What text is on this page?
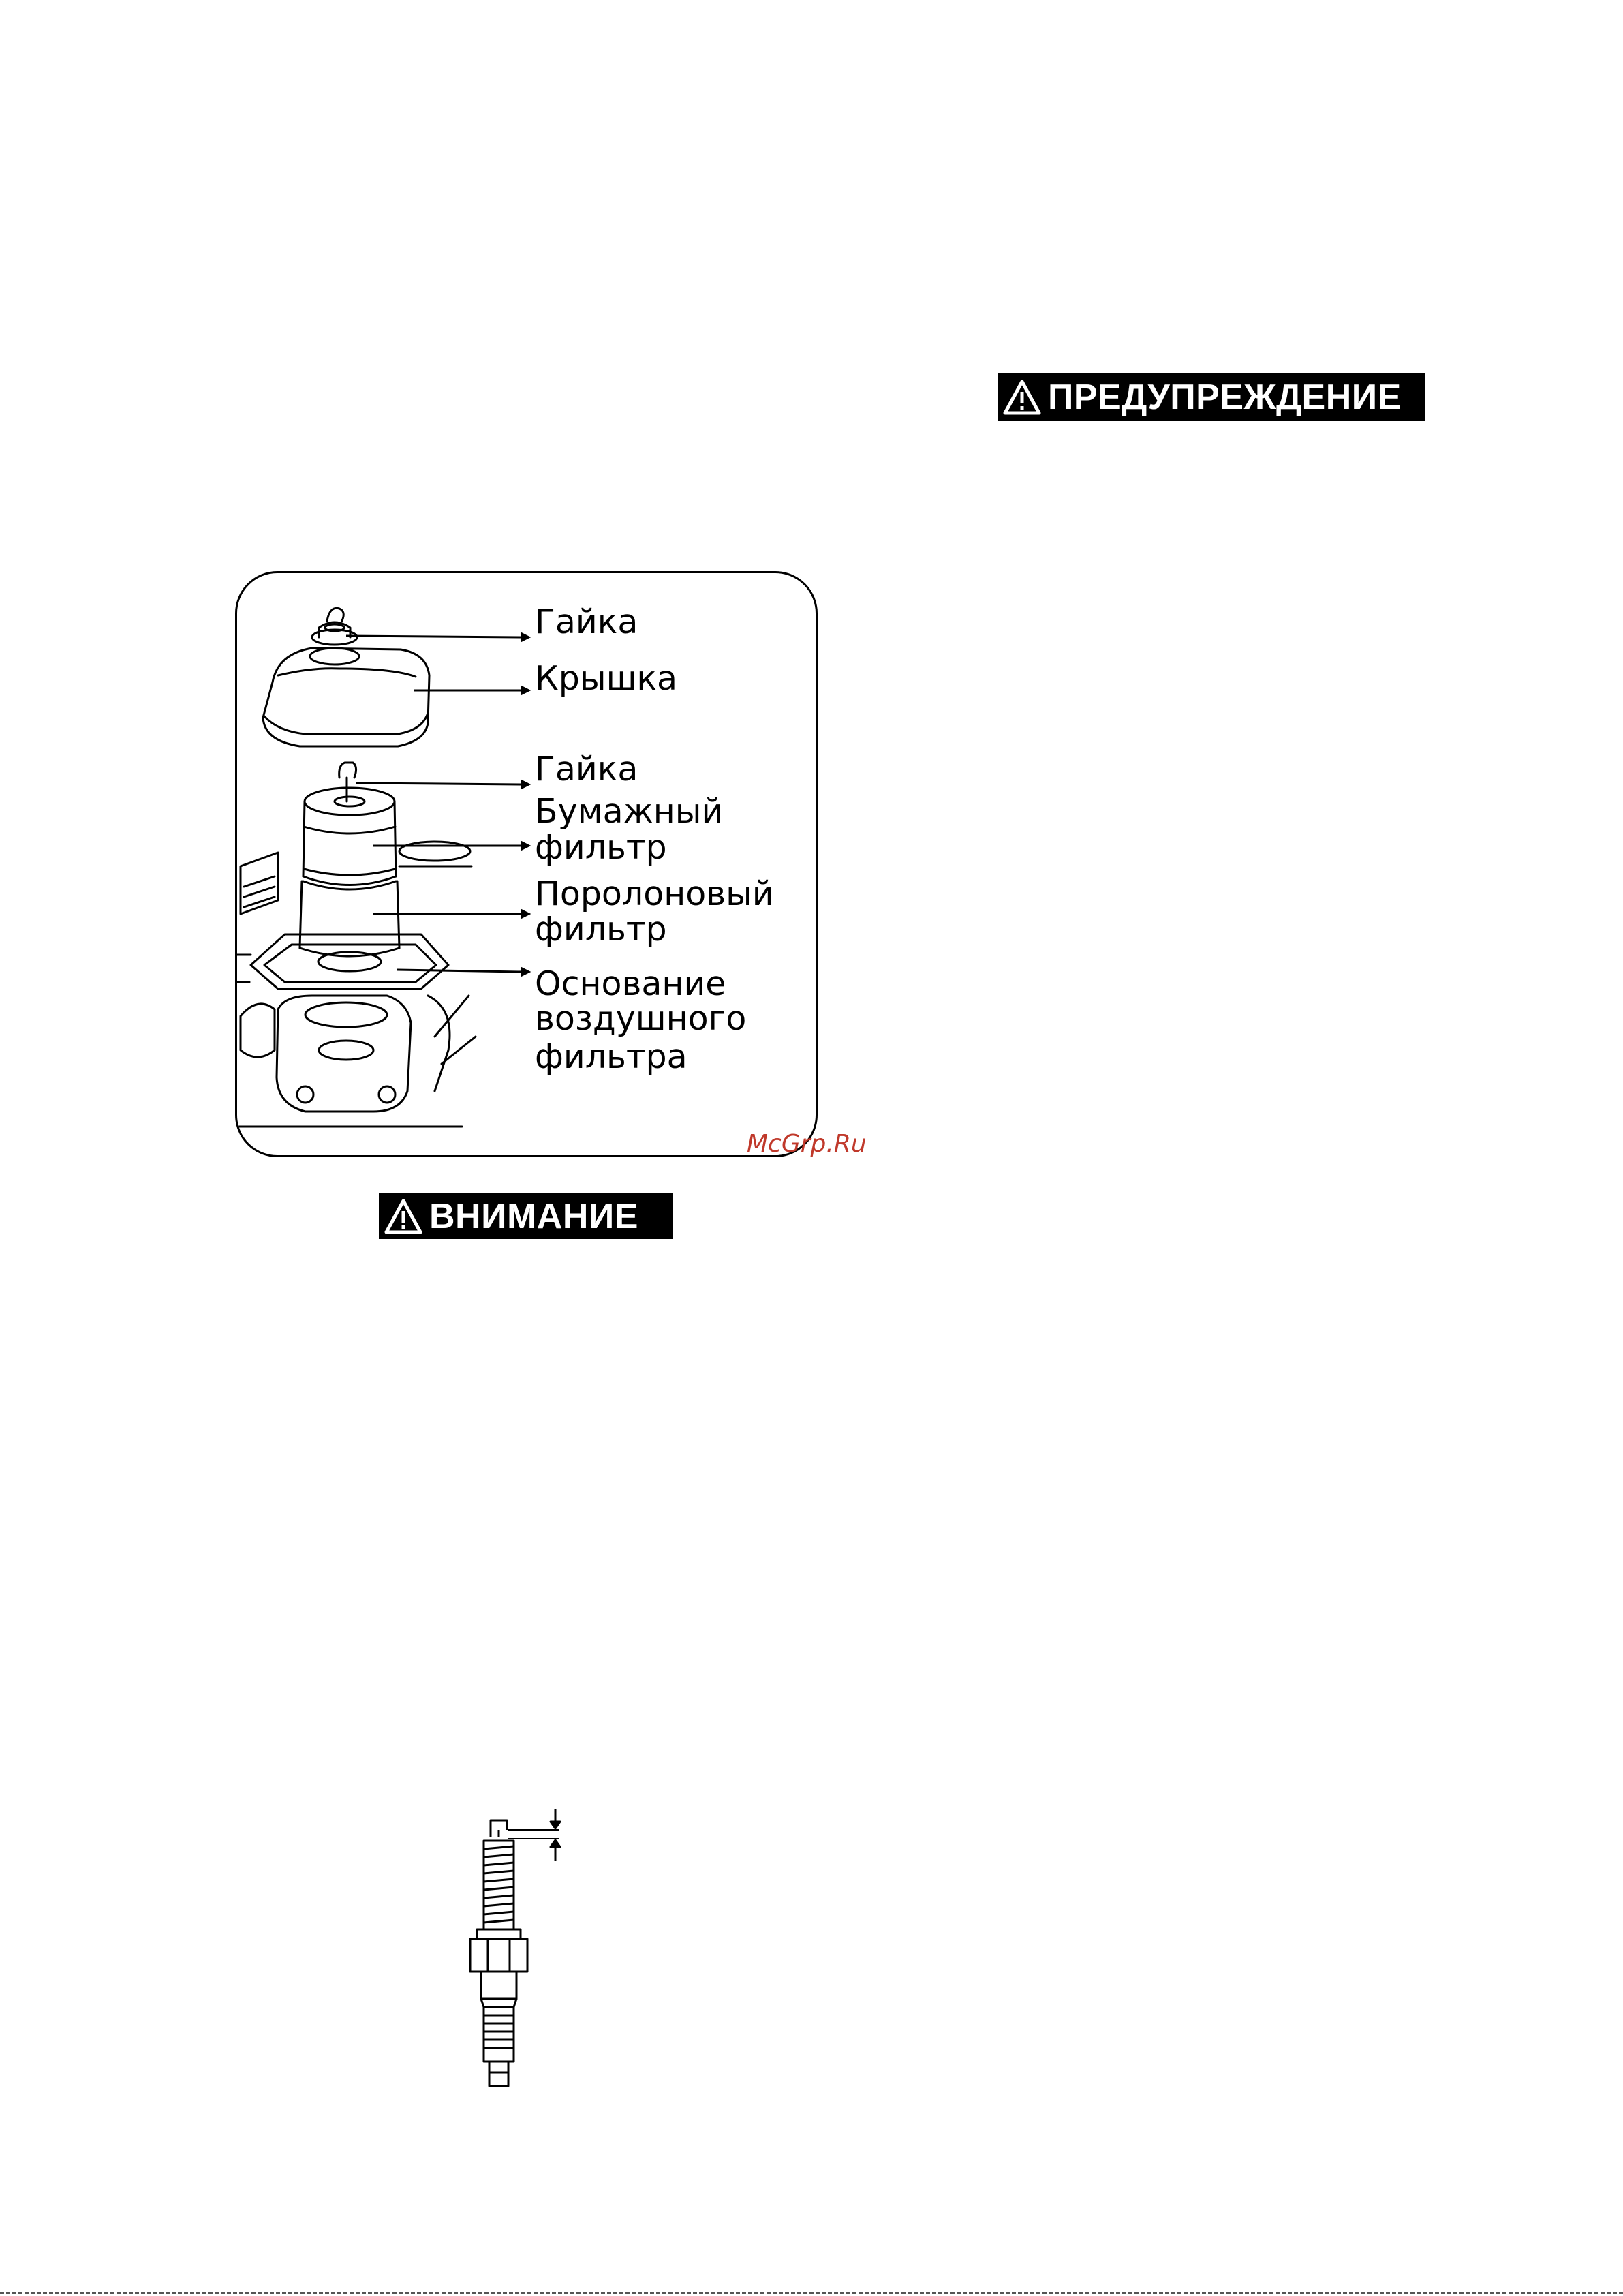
ПРЕДУПРЕЖДЕНИЕ
Гайка
Крышка
Гайка
Бумажный
фильтр
Поролоновый
фильтр
Основание
воздушного
фильтра
McGrp.Ru
ВНИМАНИЕ
